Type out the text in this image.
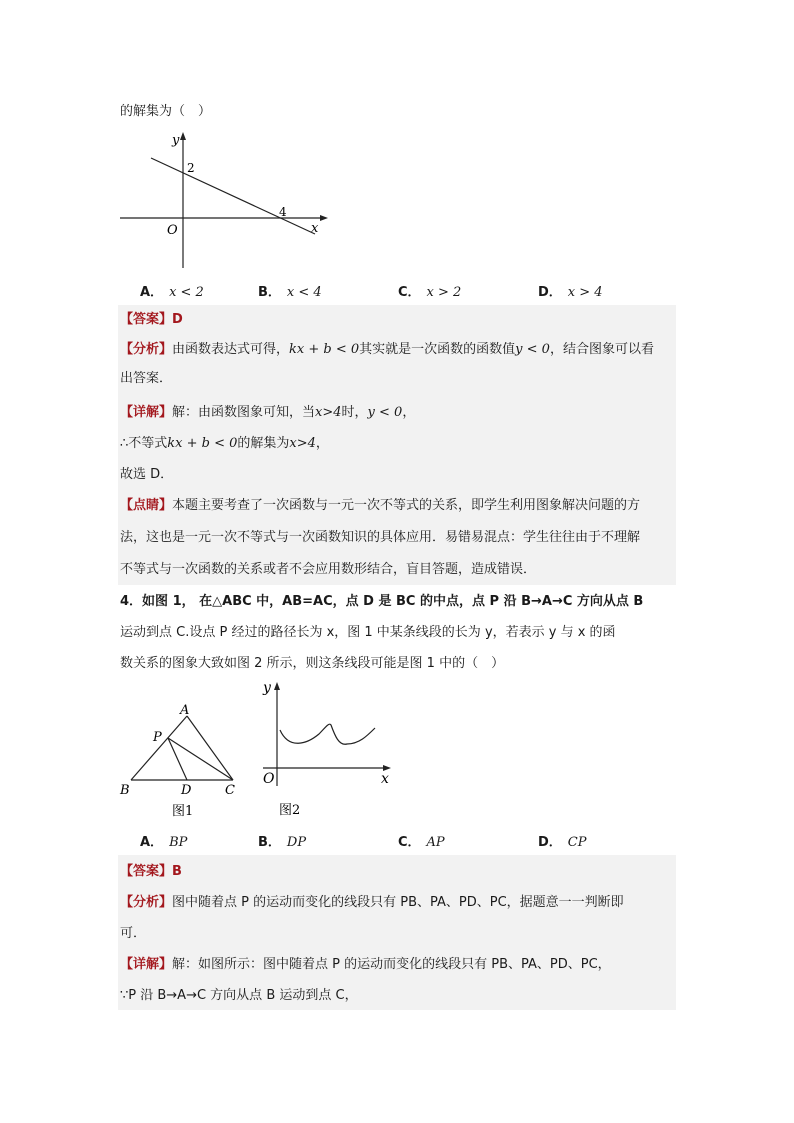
的解集为（　）
y
2
4
x
O
A． x < 2	B． x < 4	C． x > 2	D． x > 4
【答案】D
【分析】由函数表达式可得，kx + b < 0其实就是一次函数的函数值y < 0，结合图象可以看
出答案．
【详解】解：由函数图象可知，当x>4时，y < 0，
∴不等式kx + b < 0的解集为x>4，
故选 D．
【点睛】本题主要考查了一次函数与一元一次不等式的关系，即学生利用图象解决问题的方
法，这也是一元一次不等式与一次函数知识的具体应用．易错易混点：学生往往由于不理解
不等式与一次函数的关系或者不会应用数形结合，盲目答题，造成错误．
4．如图 1， 在△ABC 中，AB=AC，点 D 是 BC 的中点，点 P 沿 B→A→C 方向从点 B
运动到点 C.设点 P 经过的路径长为 x，图 1 中某条线段的长为 y，若表示 y 与 x 的函
数关系的图象大致如图 2 所示，则这条线段可能是图 1 中的（　）
A
P
B	D	C
图1
y
O	x
图2
A． BP	B． DP	C． AP	D． CP
【答案】B
【分析】图中随着点 P 的运动而变化的线段只有 PB、PA、PD、PC，据题意一一判断即
可．
【详解】解：如图所示：图中随着点 P 的运动而变化的线段只有 PB、PA、PD、PC，
∵P 沿 B→A→C 方向从点 B 运动到点 C，
